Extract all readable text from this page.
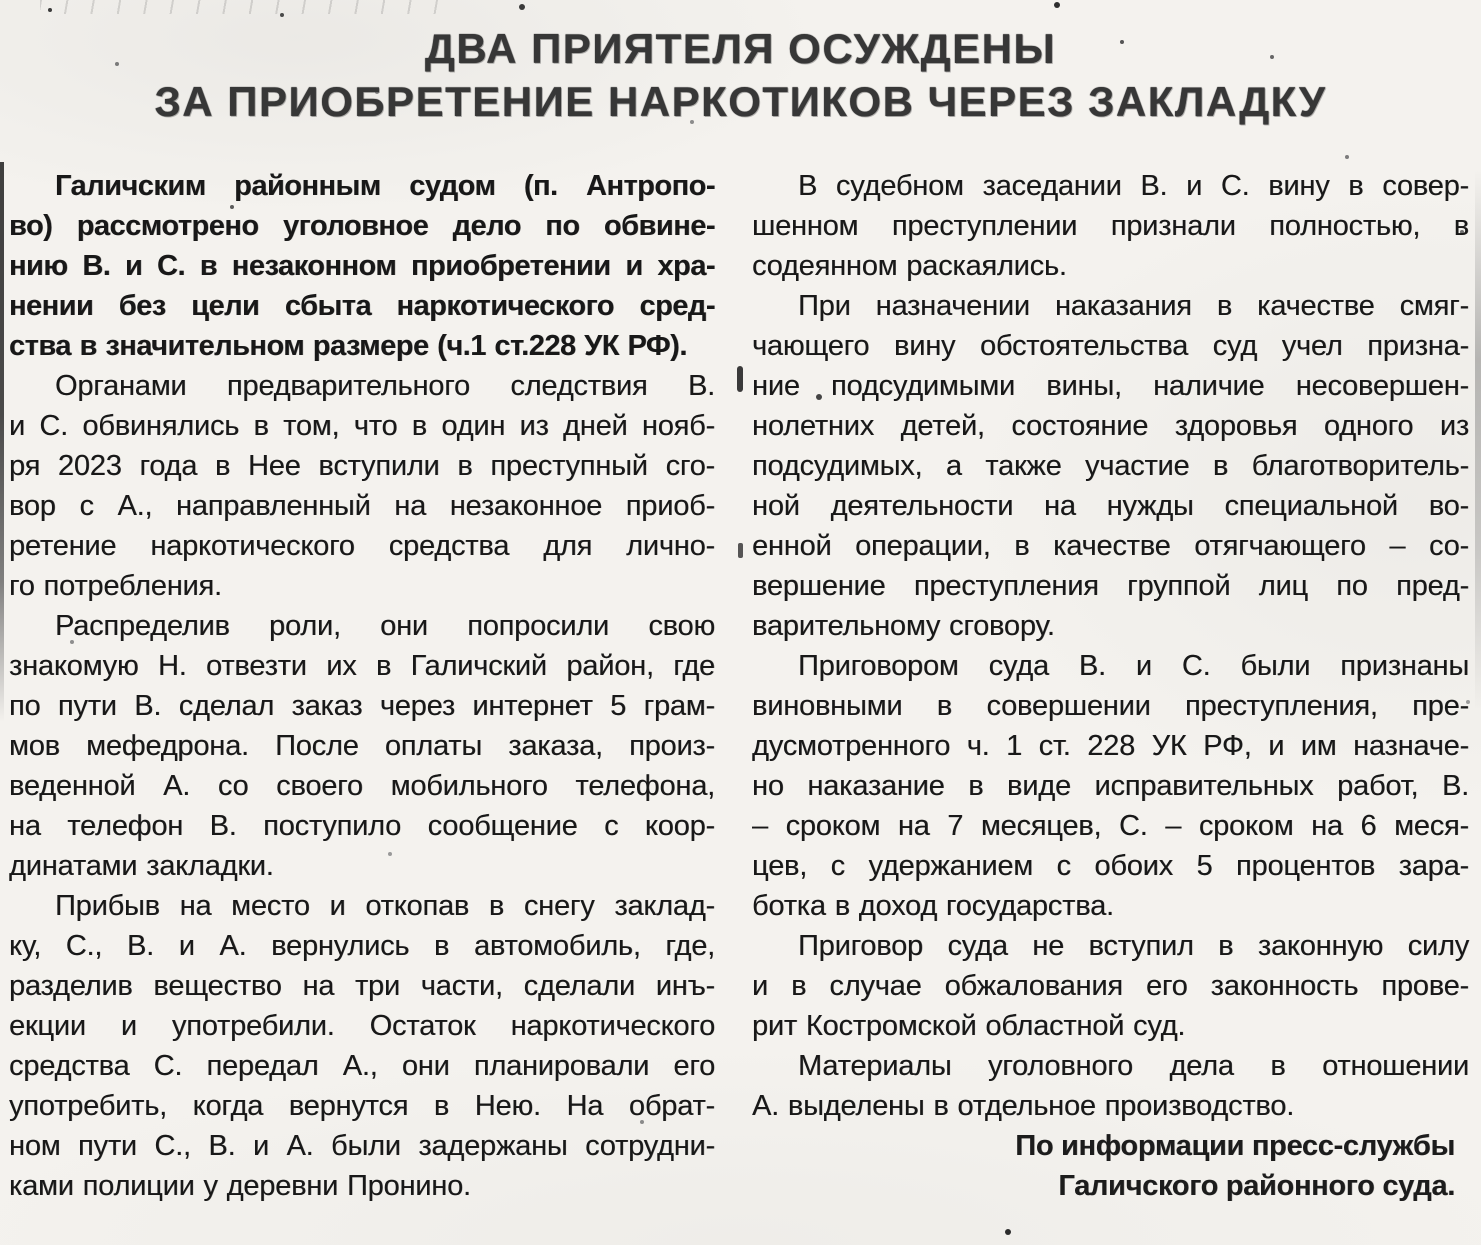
ДВА ПРИЯТЕЛЯ ОСУЖДЕНЫ
ЗА ПРИОБРЕТЕНИЕ НАРКОТИКОВ ЧЕРЕЗ ЗАКЛАДКУ
Галичским районным судом (п. Антропо-
во) рассмотрено уголовное дело по обвине-
нию В. и С. в незаконном приобретении и хра-
нении без цели сбыта наркотического сред-
ства в значительном размере (ч.1 ст.228 УК РФ).
Органами предварительного следствия В.
и С. обвинялись в том, что в один из дней нояб-
ря 2023 года в Нее вступили в преступный сго-
вор с А., направленный на незаконное приоб-
ретение наркотического средства для лично-
го потребления.
Распределив роли, они попросили свою
знакомую Н. отвезти их в Галичский район, где
по пути В. сделал заказ через интернет 5 грам-
мов мефедрона. После оплаты заказа, произ-
веденной А. со своего мобильного телефона,
на телефон В. поступило сообщение с коор-
динатами закладки.
Прибыв на место и откопав в снегу заклад-
ку, С., В. и А. вернулись в автомобиль, где,
разделив вещество на три части, сделали инъ-
екции и употребили. Остаток наркотического
средства С. передал А., они планировали его
употребить, когда вернутся в Нею. На обрат-
ном пути С., В. и А. были задержаны сотрудни-
ками полиции у деревни Пронино.
В судебном заседании В. и С. вину в совер-
шенном преступлении признали полностью, в
содеянном раскаялись.
При назначении наказания в качестве смяг-
чающего вину обстоятельства суд учел призна-
ние подсудимыми вины, наличие несовершен-
нолетних детей, состояние здоровья одного из
подсудимых, а также участие в благотворитель-
ной деятельности на нужды специальной во-
енной операции, в качестве отягчающего – со-
вершение преступления группой лиц по пред-
варительному сговору.
Приговором суда В. и С. были признаны
виновными в совершении преступления, пре-
дусмотренного ч. 1 ст. 228 УК РФ, и им назначе-
но наказание в виде исправительных работ, В.
– сроком на 7 месяцев, С. – сроком на 6 меся-
цев, с удержанием с обоих 5 процентов зара-
ботка в доход государства.
Приговор суда не вступил в законную силу
и в случае обжалования его законность прове-
рит Костромской областной суд.
Материалы уголовного дела в отношении
А. выделены в отдельное производство.
По информации пресс-службы
Галичского районного суда.
